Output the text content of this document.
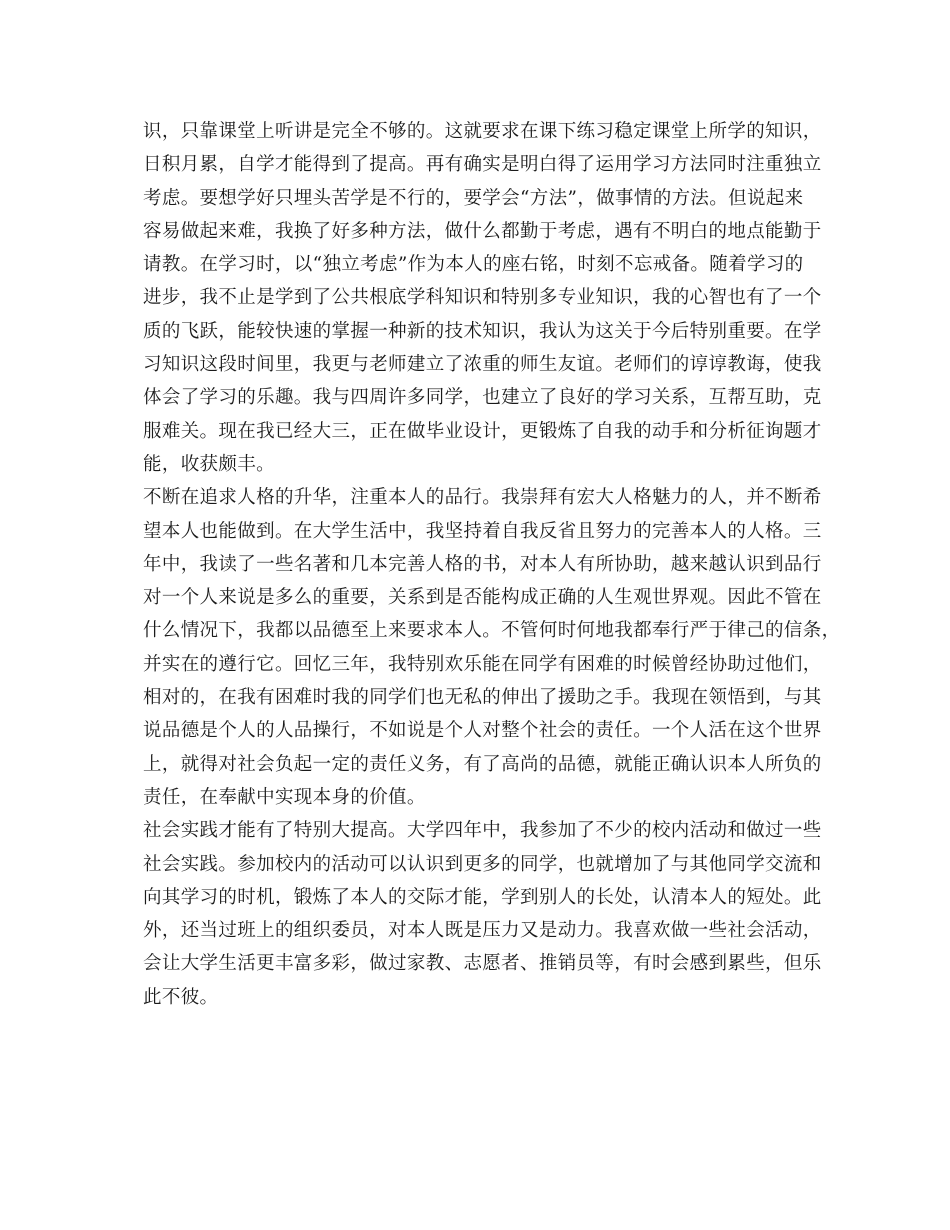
识，只靠课堂上听讲是完全不够的。这就要求在课下练习稳定课堂上所学的知识，
日积月累，自学才能得到了提高。再有确实是明白得了运用学习方法同时注重独立
考虑。要想学好只埋头苦学是不行的，要学会“方法”，做事情的方法。但说起来
容易做起来难，我换了好多种方法，做什么都勤于考虑，遇有不明白的地点能勤于
请教。在学习时，以“独立考虑”作为本人的座右铭，时刻不忘戒备。随着学习的
进步，我不止是学到了公共根底学科知识和特别多专业知识，我的心智也有了一个
质的飞跃，能较快速的掌握一种新的技术知识，我认为这关于今后特别重要。在学
习知识这段时间里，我更与老师建立了浓重的师生友谊。老师们的谆谆教诲，使我
体会了学习的乐趣。我与四周许多同学，也建立了良好的学习关系，互帮互助，克
服难关。现在我已经大三，正在做毕业设计，更锻炼了自我的动手和分析征询题才
能，收获颇丰。
不断在追求人格的升华，注重本人的品行。我崇拜有宏大人格魅力的人，并不断希
望本人也能做到。在大学生活中，我坚持着自我反省且努力的完善本人的人格。三
年中，我读了一些名著和几本完善人格的书，对本人有所协助，越来越认识到品行
对一个人来说是多么的重要，关系到是否能构成正确的人生观世界观。因此不管在
什么情况下，我都以品德至上来要求本人。不管何时何地我都奉行严于律己的信条，
并实在的遵行它。回忆三年，我特别欢乐能在同学有困难的时候曾经协助过他们，
相对的，在我有困难时我的同学们也无私的伸出了援助之手。我现在领悟到，与其
说品德是个人的人品操行，不如说是个人对整个社会的责任。一个人活在这个世界
上，就得对社会负起一定的责任义务，有了高尚的品德，就能正确认识本人所负的
责任，在奉献中实现本身的价值。
社会实践才能有了特别大提高。大学四年中，我参加了不少的校内活动和做过一些
社会实践。参加校内的活动可以认识到更多的同学，也就增加了与其他同学交流和
向其学习的时机，锻炼了本人的交际才能，学到别人的长处，认清本人的短处。此
外，还当过班上的组织委员，对本人既是压力又是动力。我喜欢做一些社会活动，
会让大学生活更丰富多彩，做过家教、志愿者、推销员等，有时会感到累些，但乐
此不彼。
